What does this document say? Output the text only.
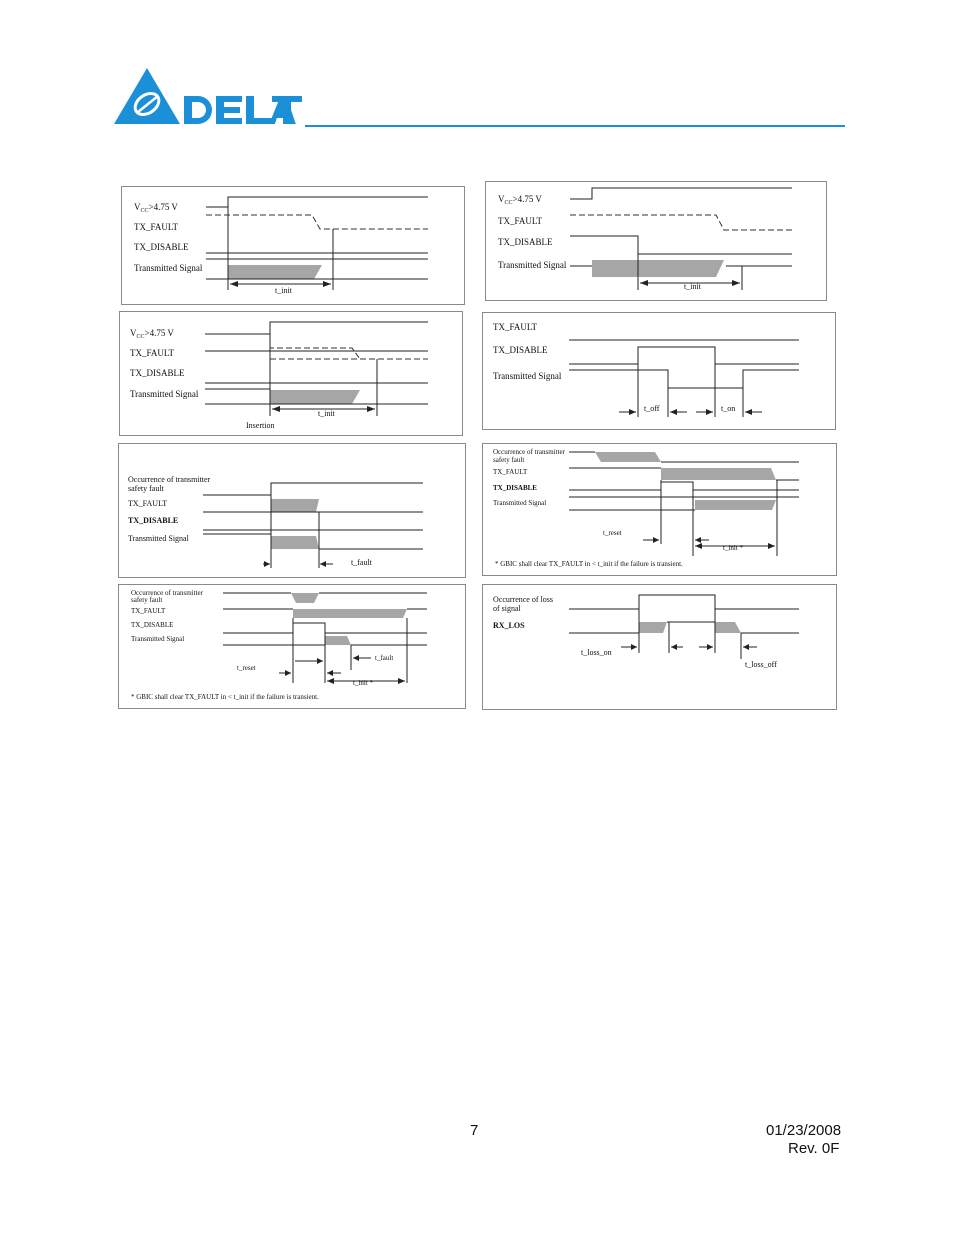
$V_{CC}>4.75$ V
TX_FAULT
TX_DISABLE
Transmitted Signal
t_init
$V_{CC}>4.75$ V
TX_FAULT
TX_DISABLE
Transmitted Signal
t_init
$V_{CC}>4.75$ V
TX_FAULT
TX_DISABLE
Transmitted Signal
t_init
Insertion
TX_FAULT
TX_DISABLE
Transmitted Signal
t_off	t_on
Occurrence of transmitter
safety fault
TX_FAULT
TX_DISABLE
Transmitted Signal
t_fault
Occurrence of transmitter
safety fault
TX_FAULT
TX_DISABLE
Transmitted Signal
t_reset
t_init *
* GBIC shall clear TX_FAULT in < t_init if the failure is transient.
Occurrence of transmitter
safety fault
TX_FAULT
TX_DISABLE
Transmitted Signal
t_reset
t_fault
t_init *
* GBIC shall clear TX_FAULT in < t_init if the failure is transient.
Occurrence of loss
of signal
RX_LOS
t_loss_on
t_loss_off
7	01/23/2008
Rev. 0F
